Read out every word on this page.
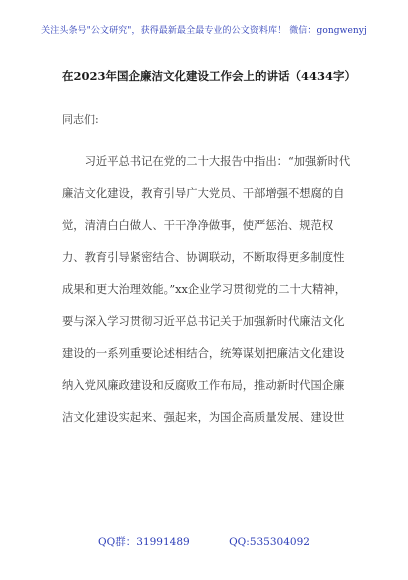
关注头条号"公文研究"，获得最新最全最专业的公文资料库！ 微信：gongwenyj
在2023年国企廉洁文化建设工作会上的讲话（4434字）
同志们:
　　习近平总书记在党的二十大报告中指出：“加强新时代
廉洁文化建设，教育引导广大党员、干部增强不想腐的自
觉，清清白白做人、干干净净做事，使严惩治、规范权
力、教育引导紧密结合、协调联动，不断取得更多制度性
成果和更大治理效能。”xx企业学习贯彻党的二十大精神，
要与深入学习贯彻习近平总书记关于加强新时代廉洁文化
建设的一系列重要论述相结合，统筹谋划把廉洁文化建设
纳入党风廉政建设和反腐败工作布局，推动新时代国企廉
洁文化建设实起来、强起来，为国企高质量发展、建设世
QQ群：31991489	QQ:535304092
